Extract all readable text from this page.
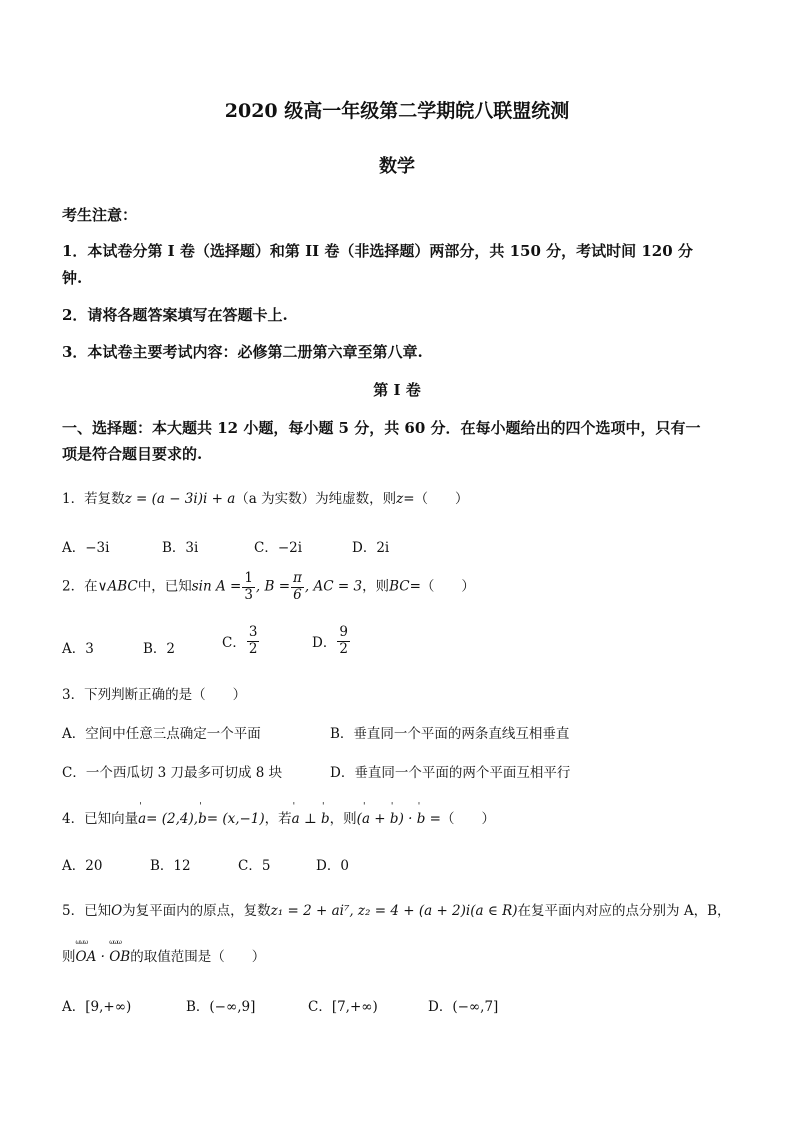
2020 级高一年级第二学期皖八联盟统测
数学
考生注意：
1．本试卷分第 I 卷（选择题）和第 II 卷（非选择题）两部分，共 150 分，考试时间 120 分
钟.
2．请将各题答案填写在答题卡上.
3．本试卷主要考试内容：必修第二册第六章至第八章.
第 I 卷
一、选择题：本大题共 12 小题，每小题 5 分，共 60 分．在每小题给出的四个选项中，只有一
项是符合题目要求的.
1．若复数z = (a − 3i)i + a（a 为实数）为纯虚数，则z=（　　）
A．−3i	B．3i	C．−2i	D．2i
2．在∨ABC中，已知$\sin A = \frac{1}{3}$ , $B = \frac{\pi}{6}$ , AC = 3，则BC=（　　）
A．3	B．2	C． $\frac{3}{2}$	D． $\frac{9}{2}$
3．下列判断正确的是（　　）
A．空间中任意三点确定一个平面	B．垂直同一个平面的两条直线互相垂直
C．一个西瓜切 3 刀最多可切成 8 块	D．垂直同一个平面的两个平面互相平行
4．已知向量' a= (2,4),' b= (x,−1)，若' a ⊥ ' b，则(' a + ' b) · ' b =（　　）
A．20	B．12	C．5	D．0
5．已知O为复平面内的原点，复数z₁ = 2 + ai⁷, z₂ = 4 + (a + 2)i(a ∈ R)在复平面内对应的点分别为 A，B，
则ωωω OA · ωωω OB的取值范围是（　　）
A．[9,+∞)	B．(−∞,9]	C．[7,+∞)	D．(−∞,7]
